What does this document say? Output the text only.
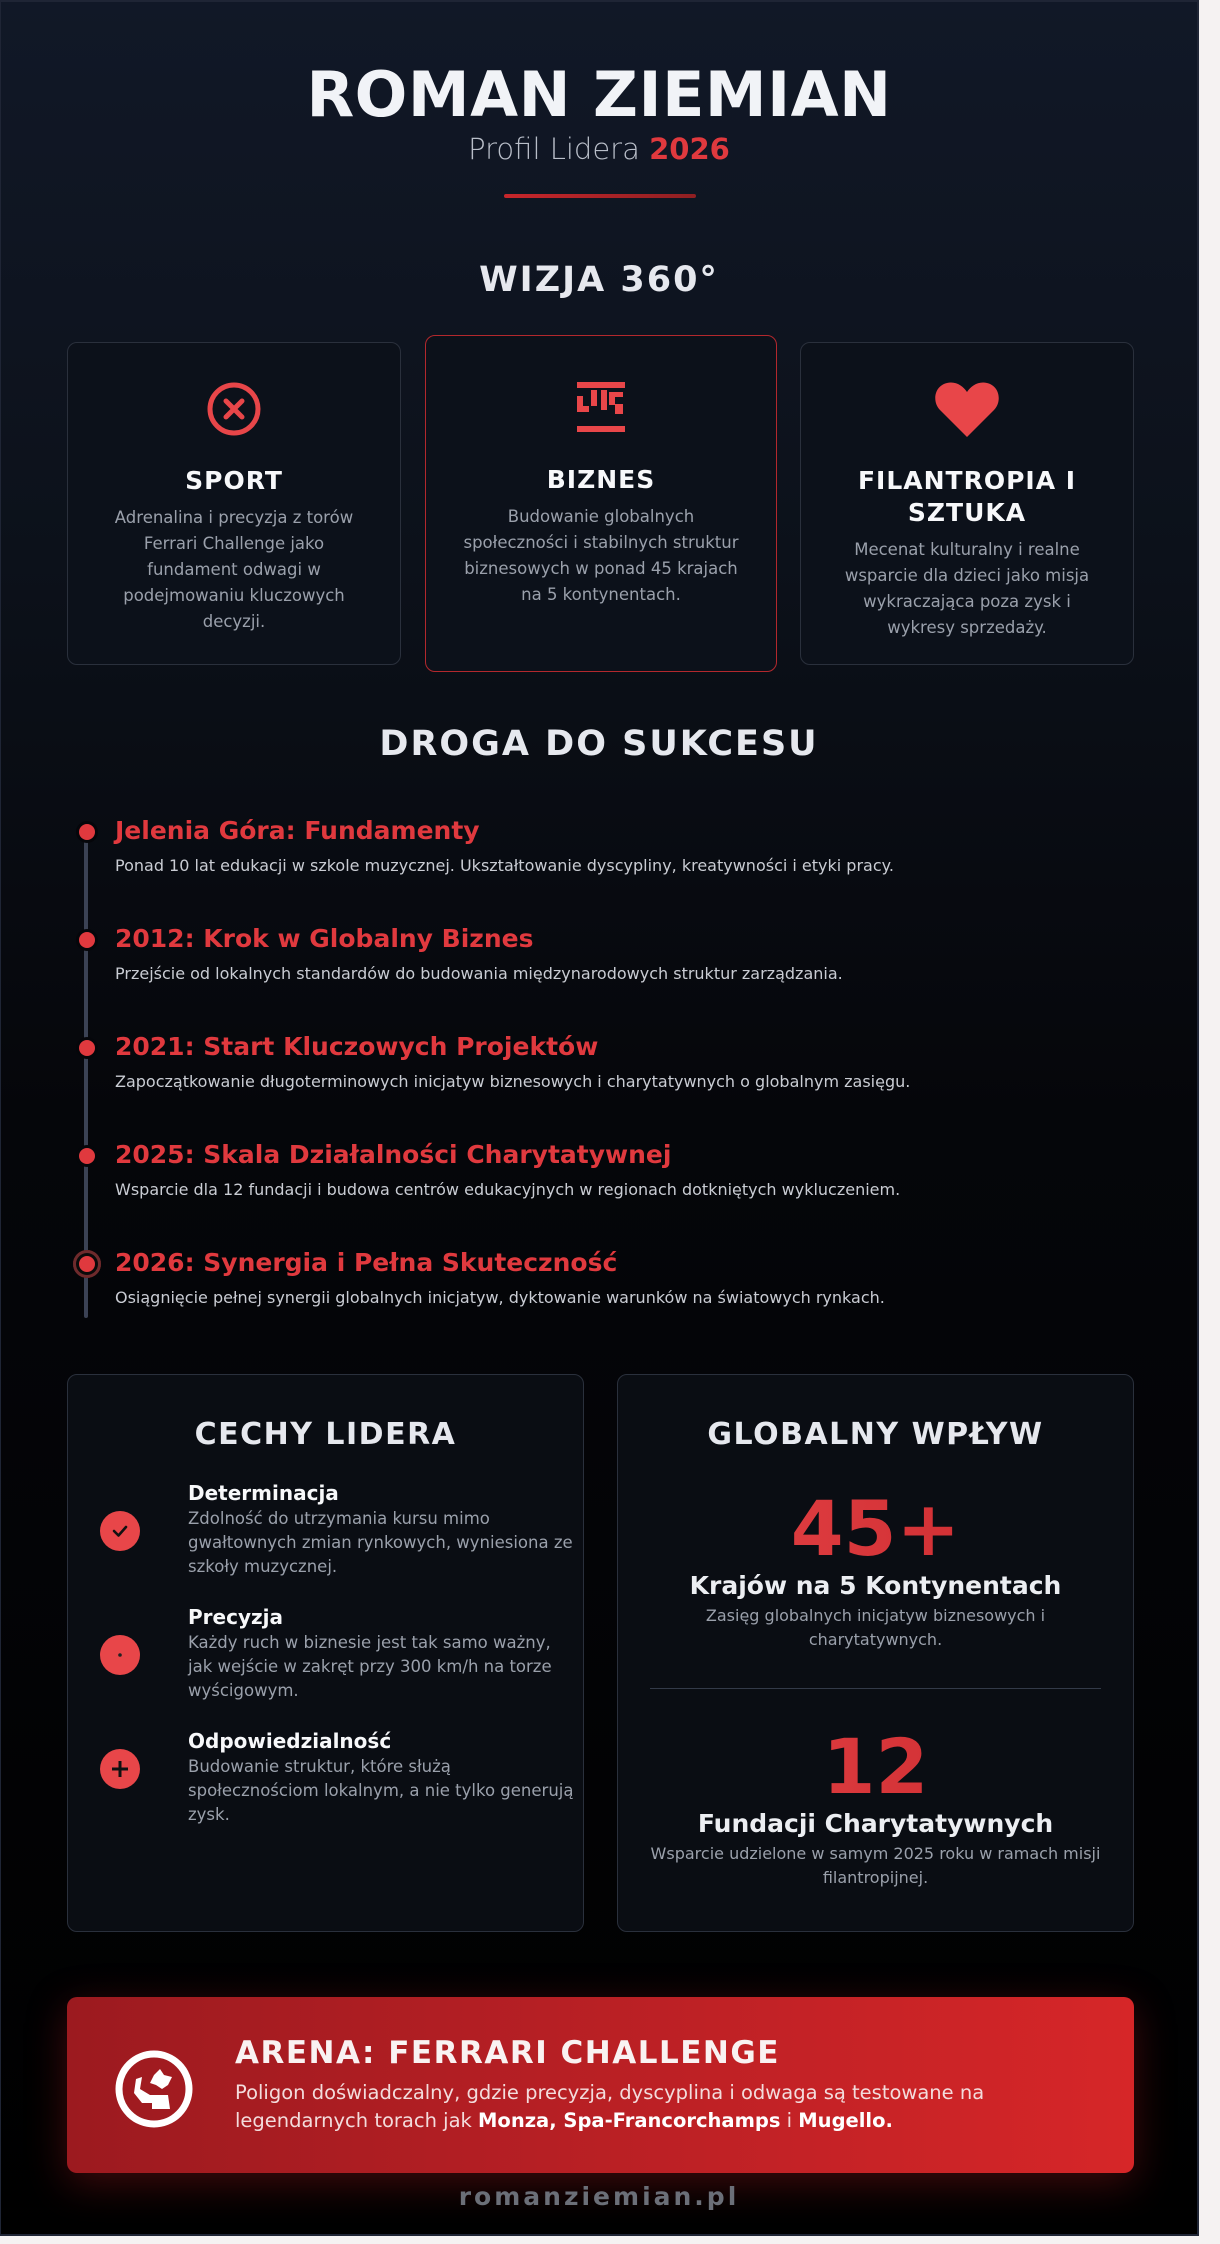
ROMAN ZIEMIAN
Profil Lidera 2026
WIZJA 360°
SPORT
Adrenalina i precyzja z torów Ferrari Challenge jako fundament odwagi w podejmowaniu kluczowych decyzji.
BIZNES
Budowanie globalnych społeczności i stabilnych struktur biznesowych w ponad 45 krajach na 5 kontynentach.
FILANTROPIA I SZTUKA
Mecenat kulturalny i realne wsparcie dla dzieci jako misja wykraczająca poza zysk i wykresy sprzedaży.
DROGA DO SUKCESU
Jelenia Góra: Fundamenty
Ponad 10 lat edukacji w szkole muzycznej. Ukształtowanie dyscypliny, kreatywności i etyki pracy.
2012: Krok w Globalny Biznes
Przejście od lokalnych standardów do budowania międzynarodowych struktur zarządzania.
2021: Start Kluczowych Projektów
Zapoczątkowanie długoterminowych inicjatyw biznesowych i charytatywnych o globalnym zasięgu.
2025: Skala Działalności Charytatywnej
Wsparcie dla 12 fundacji i budowa centrów edukacyjnych w regionach dotkniętych wykluczeniem.
2026: Synergia i Pełna Skuteczność
Osiągnięcie pełnej synergii globalnych inicjatyw, dyktowanie warunków na światowych rynkach.
CECHY LIDERA
Determinacja
Zdolność do utrzymania kursu mimo gwałtownych zmian rynkowych, wyniesiona ze szkoły muzycznej.
Precyzja
Każdy ruch w biznesie jest tak samo ważny, jak wejście w zakręt przy 300 km/h na torze wyścigowym.
Odpowiedzialność
Budowanie struktur, które służą społecznościom lokalnym, a nie tylko generują zysk.
GLOBALNY WPŁYW
45+
Krajów na 5 Kontynentach
Zasięg globalnych inicjatyw biznesowych i charytatywnych.
12
Fundacji Charytatywnych
Wsparcie udzielone w samym 2025 roku w ramach misji filantropijnej.
ARENA: FERRARI CHALLENGE
Poligon doświadczalny, gdzie precyzja, dyscyplina i odwaga są testowane na legendarnych torach jak Monza, Spa-Francorchamps i Mugello.
romanziemian.pl
